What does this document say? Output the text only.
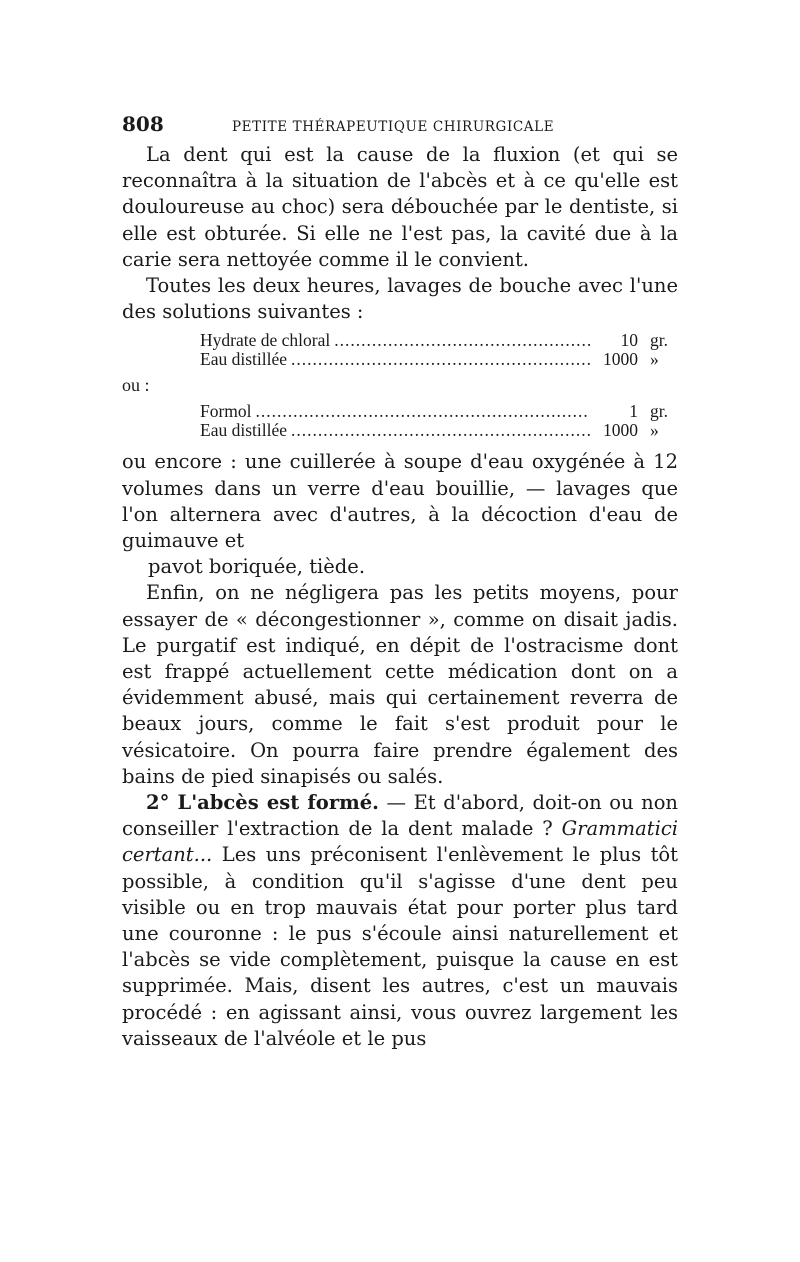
808	PETITE THÉRAPEUTIQUE CHIRURGICALE

La dent qui est la cause de la fluxion (et qui se reconnaîtra à la situation de l'abcès et à ce qu'elle est douloureuse au choc) sera débouchée par le dentiste, si elle est obturée. Si elle ne l'est pas, la cavité due à la carie sera nettoyée comme il le convient.

Toutes les deux heures, lavages de bouche avec l'une des solutions suivantes :

Hydrate de chloral .....	10 gr.
Eau distillée .....	1000 »
ou :
Formol .....	1 gr.
Eau distillée .....	1000 »

ou encore : une cuillerée à soupe d'eau oxygénée à 12 volumes dans un verre d'eau bouillie, — lavages que l'on alternera avec d'autres, à la décoction d'eau de guimauve et

pavot boriquée, tiède.

Enfin, on ne négligera pas les petits moyens, pour essayer de « décongestionner », comme on disait jadis. Le purgatif est indiqué, en dépit de l'ostracisme dont est frappé actuellement cette médication dont on a évidemment abusé, mais qui certainement reverra de beaux jours, comme le fait s'est produit pour le vésicatoire. On pourra faire prendre également des bains de pied sinapisés ou salés.

2° L'abcès est formé. — Et d'abord, doit-on ou non conseiller l'extraction de la dent malade ? Grammatici certant... Les uns préconisent l'enlèvement le plus tôt possible, à condition qu'il s'agisse d'une dent peu visible ou en trop mauvais état pour porter plus tard une couronne : le pus s'écoule ainsi naturellement et l'abcès se vide complètement, puisque la cause en est supprimée. Mais, disent les autres, c'est un mauvais procédé : en agissant ainsi, vous ouvrez largement les vaisseaux de l'alvéole et le pus
